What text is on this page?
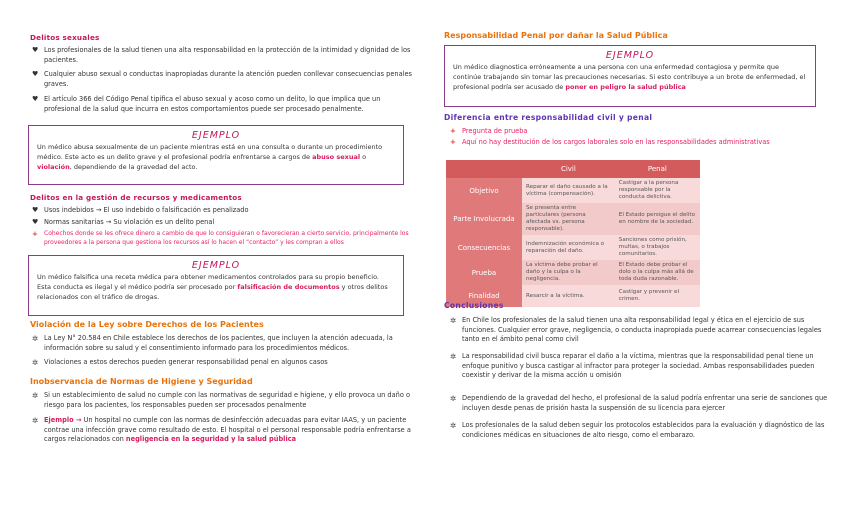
Delitos sexuales
♥ Los profesionales de la salud tienen una alta responsabilidad en la protección de la intimidad y dignidad de los pacientes.
♥ Cualquier abuso sexual o conductas inapropiadas durante la atención pueden conllevar consecuencias penales graves.
♥ El artículo 366 del Código Penal tipifica el abuso sexual y acoso como un delito, lo que implica que un profesional de la salud que incurra en estos comportamientos puede ser procesado penalmente.
EJEMPLO
Un médico abusa sexualmente de un paciente mientras está en una consulta o durante un procedimiento médico. Este acto es un delito grave y el profesional podría enfrentarse a cargos de abuso sexual o violación, dependiendo de la gravedad del acto.
Delitos en la gestión de recursos y medicamentos
♥ Usos indebidos → El uso indebido o falsificación es penalizado
♥ Normas sanitarias → Su violación es un delito penal
+ Cohechos donde se les ofrece dinero a cambio de que lo consiguieran o favorecieran a cierto servicio, principalmente los proveedores a la persona que gestiona los recursos así lo hacen el “contacto” y les compran a ellos
EJEMPLO
Un médico falsifica una receta médica para obtener medicamentos controlados para su propio beneficio. Esta conducta es ilegal y el médico podría ser procesado por falsificación de documentos y otros delitos relacionados con el tráfico de drogas.
Violación de la Ley sobre Derechos de los Pacientes
✲ La Ley N° 20.584 en Chile establece los derechos de los pacientes, que incluyen la atención adecuada, la información sobre su salud y el consentimiento informado para los procedimientos médicos.
✲ Violaciones a estos derechos pueden generar responsabilidad penal en algunos casos
Inobservancia de Normas de Higiene y Seguridad
✲ Si un establecimiento de salud no cumple con las normativas de seguridad e higiene, y ello provoca un daño o riesgo para los pacientes, los responsables pueden ser procesados penalmente
✲ Ejemplo → Un hospital no cumple con las normas de desinfección adecuadas para evitar IAAS, y un paciente contrae una infección grave como resultado de esto. El hospital o el personal responsable podría enfrentarse a cargos relacionados con negligencia en la seguridad y la salud pública
Responsabilidad Penal por dañar la Salud Pública
EJEMPLO
Un médico diagnostica erróneamente a una persona con una enfermedad contagiosa y permite que continúe trabajando sin tomar las precauciones necesarias. Si esto contribuye a un brote de enfermedad, el profesional podría ser acusado de poner en peligro la salud pública
Diferencia entre responsabilidad civil y penal
+ Pregunta de prueba
+ Aquí no hay destitución de los cargos laborales solo en las responsabilidades administrativas
	Civil	Penal
Objetivo	Reparar el daño causado a la víctima (compensación).	Castigar a la persona responsable por la conducta delictiva.
Parte Involucrada	Se presenta entre particulares (persona afectada vs. persona responsable).	El Estado persigue el delito en nombre de la sociedad.
Consecuencias	Indemnización económica o reparación del daño.	Sanciones como prisión, multas, o trabajos comunitarios.
Prueba	La víctima debe probar el daño y la culpa o la negligencia.	El Estado debe probar el dolo o la culpa más allá de toda duda razonable.
Finalidad	Resarcir a la víctima.	Castigar y prevenir el crimen.
Conclusiones
✲ En Chile los profesionales de la salud tienen una alta responsabilidad legal y ética en el ejercicio de sus funciones. Cualquier error grave, negligencia, o conducta inapropiada puede acarrear consecuencias legales tanto en el ámbito penal como civil
✲ La responsabilidad civil busca reparar el daño a la víctima, mientras que la responsabilidad penal tiene un enfoque punitivo y busca castigar al infractor para proteger la sociedad. Ambas responsabilidades pueden coexistir y derivar de la misma acción u omisión
✲ Dependiendo de la gravedad del hecho, el profesional de la salud podría enfrentar una serie de sanciones que incluyen desde penas de prisión hasta la suspensión de su licencia para ejercer
✲ Los profesionales de la salud deben seguir los protocolos establecidos para la evaluación y diagnóstico de las condiciones médicas en situaciones de alto riesgo, como el embarazo.
